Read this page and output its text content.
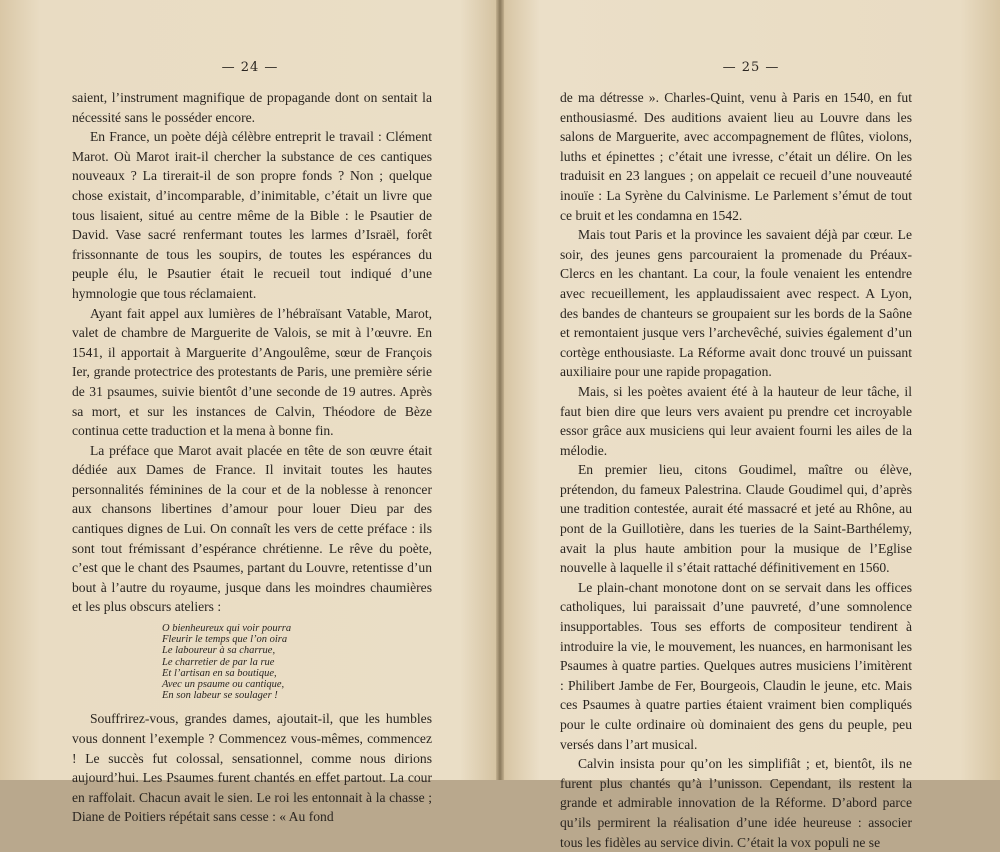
— 24 —

saient, l’instrument magnifique de propagande dont on sentait la nécessité sans le posséder encore.

En France, un poète déjà célèbre entreprit le travail : Clément Marot. Où Marot irait-il chercher la substance de ces cantiques nouveaux ? La tirerait-il de son propre fonds ? Non ; quelque chose existait, d’incomparable, d’inimitable, c’était un livre que tous lisaient, situé au centre même de la Bible : le Psautier de David. Vase sacré renfermant toutes les larmes d’Israël, forêt frissonnante de tous les soupirs, de toutes les espérances du peuple élu, le Psautier était le recueil tout indiqué d’une hymnologie que tous réclamaient.

Ayant fait appel aux lumières de l’hébraïsant Vatable, Marot, valet de chambre de Marguerite de Valois, se mit à l’œuvre. En 1541, il apportait à Marguerite d’Angoulême, sœur de François Ier, grande protectrice des protestants de Paris, une première série de 31 psaumes, suivie bientôt d’une seconde de 19 autres. Après sa mort, et sur les instances de Calvin, Théodore de Bèze continua cette traduction et la mena à bonne fin.

La préface que Marot avait placée en tête de son œuvre était dédiée aux Dames de France. Il invitait toutes les hautes personnalités féminines de la cour et de la noblesse à renoncer aux chansons libertines d’amour pour louer Dieu par des cantiques dignes de Lui. On connaît les vers de cette préface : ils sont tout frémissant d’espérance chrétienne. Le rêve du poète, c’est que le chant des Psaumes, partant du Louvre, retentisse d’un bout à l’autre du royaume, jusque dans les moindres chaumières et les plus obscurs ateliers :

O bienheureux qui voir pourra
Fleurir le temps que l’on oira
Le laboureur à sa charrue,
Le charretier de par la rue
Et l’artisan en sa boutique,
Avec un psaume ou cantique,
En son labeur se soulager !

Souffrirez-vous, grandes dames, ajoutait-il, que les humbles vous donnent l’exemple ? Commencez vous-mêmes, commencez ! Le succès fut colossal, sensationnel, comme nous dirions aujourd’hui. Les Psaumes furent chantés en effet partout. La cour en raffolait. Chacun avait le sien. Le roi les entonnait à la chasse ; Diane de Poitiers répétait sans cesse : « Au fond

— 25 —

de ma détresse ». Charles-Quint, venu à Paris en 1540, en fut enthousiasmé. Des auditions avaient lieu au Louvre dans les salons de Marguerite, avec accompagnement de flûtes, violons, luths et épinettes ; c’était une ivresse, c’était un délire. On les traduisit en 23 langues ; on appelait ce recueil d’une nouveauté inouïe : La Syrène du Calvinisme. Le Parlement s’émut de tout ce bruit et les condamna en 1542.

Mais tout Paris et la province les savaient déjà par cœur. Le soir, des jeunes gens parcouraient la promenade du Préaux-Clercs en les chantant. La cour, la foule venaient les entendre avec recueillement, les applaudissaient avec respect. A Lyon, des bandes de chanteurs se groupaient sur les bords de la Saône et remontaient jusque vers l’archevêché, suivies également d’un cortège enthousiaste. La Réforme avait donc trouvé un puissant auxiliaire pour une rapide propagation.

Mais, si les poètes avaient été à la hauteur de leur tâche, il faut bien dire que leurs vers avaient pu prendre cet incroyable essor grâce aux musiciens qui leur avaient fourni les ailes de la mélodie.

En premier lieu, citons Goudimel, maître ou élève, prétendon, du fameux Palestrina. Claude Goudimel qui, d’après une tradition contestée, aurait été massacré et jeté au Rhône, au pont de la Guillotière, dans les tueries de la Saint-Barthélemy, avait la plus haute ambition pour la musique de l’Eglise nouvelle à laquelle il s’était rattaché définitivement en 1560.

Le plain-chant monotone dont on se servait dans les offices catholiques, lui paraissait d’une pauvreté, d’une somnolence insupportables. Tous ses efforts de compositeur tendirent à introduire la vie, le mouvement, les nuances, en harmonisant les Psaumes à quatre parties. Quelques autres musiciens l’imitèrent : Philibert Jambe de Fer, Bourgeois, Claudin le jeune, etc. Mais ces Psaumes à quatre parties étaient vraiment bien compliqués pour le culte ordinaire où dominaient des gens du peuple, peu versés dans l’art musical.

Calvin insista pour qu’on les simplifiât ; et, bientôt, ils ne furent plus chantés qu’à l’unisson. Cependant, ils restent la grande et admirable innovation de la Réforme. D’abord parce qu’ils permirent la réalisation d’une idée heureuse : associer tous les fidèles au service divin. C’était la vox populi ne se
